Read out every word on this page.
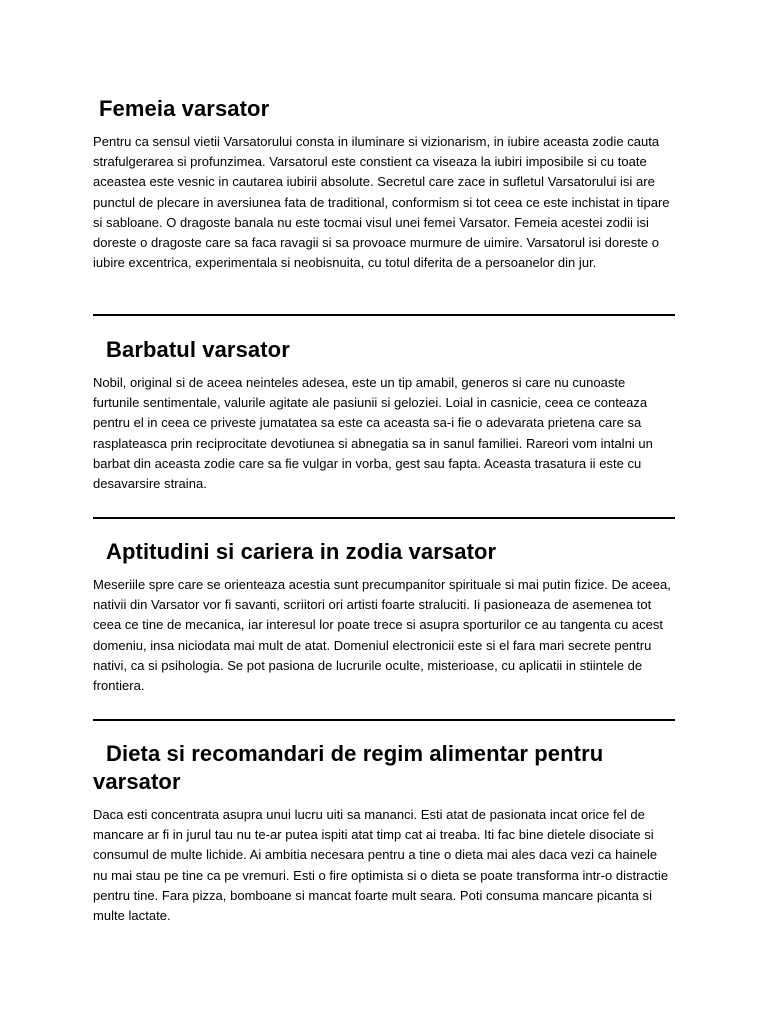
Femeia varsator

Pentru ca sensul vietii Varsatorului consta in iluminare si vizionarism, in iubire aceasta zodie cauta strafulgerarea si profunzimea. Varsatorul este constient ca viseaza la iubiri imposibile si cu toate aceastea este vesnic in cautarea iubirii absolute. Secretul care zace in sufletul Varsatorului isi are punctul de plecare in aversiunea fata de traditional, conformism si tot ceea ce este inchistat in tipare si sabloane. O dragoste banala nu este tocmai visul unei femei Varsator. Femeia acestei zodii isi doreste o dragoste care sa faca ravagii si sa provoace murmure de uimire. Varsatorul isi doreste o iubire excentrica, experimentala si neobisnuita, cu totul diferita de a persoanelor din jur.

Barbatul varsator

Nobil, original si de aceea neinteles adesea, este un tip amabil, generos si care nu cunoaste furtunile sentimentale, valurile agitate ale pasiunii si geloziei. Loial in casnicie, ceea ce conteaza pentru el in ceea ce priveste jumatatea sa este ca aceasta sa-i fie o adevarata prietena care sa rasplateasca prin reciprocitate devotiunea si abnegatia sa in sanul familiei. Rareori vom intalni un barbat din aceasta zodie care sa fie vulgar in vorba, gest sau fapta. Aceasta trasatura ii este cu desavarsire straina.

Aptitudini si cariera in zodia varsator

Meseriile spre care se orienteaza acestia sunt precumpanitor spirituale si mai putin fizice. De aceea, nativii din Varsator vor fi savanti, scriitori ori artisti foarte straluciti. Ii pasioneaza de asemenea tot ceea ce tine de mecanica, iar interesul lor poate trece si asupra sporturilor ce au tangenta cu acest domeniu, insa niciodata mai mult de atat. Domeniul electronicii este si el fara mari secrete pentru nativi, ca si psihologia. Se pot pasiona de lucrurile oculte, misterioase, cu aplicatii in stiintele de frontiera.

Dieta si recomandari de regim alimentar pentru varsator

Daca esti concentrata asupra unui lucru uiti sa mananci. Esti atat de pasionata incat orice fel de mancare ar fi in jurul tau nu te-ar putea ispiti atat timp cat ai treaba. Iti fac bine dietele disociate si consumul de multe lichide. Ai ambitia necesara pentru a tine o dieta mai ales daca vezi ca hainele nu mai stau pe tine ca pe vremuri. Esti o fire optimista si o dieta se poate transforma intr-o distractie pentru tine. Fara pizza, bomboane si mancat foarte mult seara. Poti consuma mancare picanta si multe lactate.
